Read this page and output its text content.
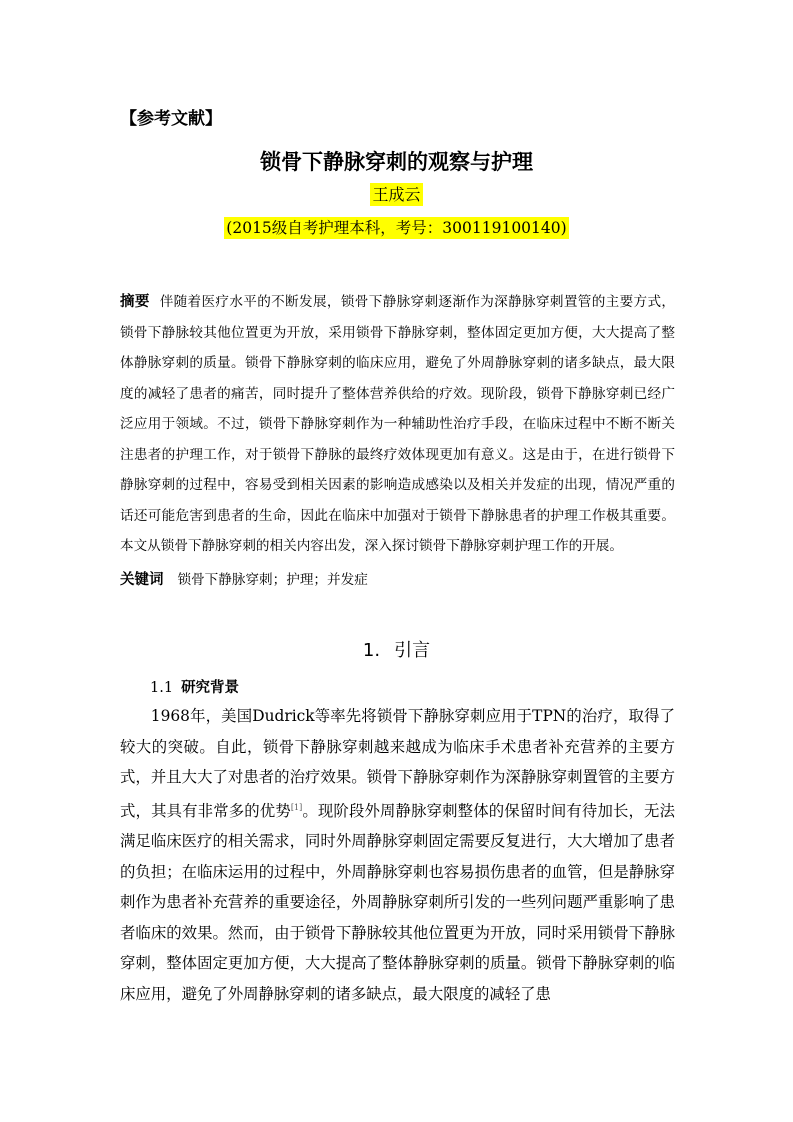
【参考文献】
锁骨下静脉穿刺的观察与护理
王成云
(2015级自考护理本科，考号：300119100140)
摘要 伴随着医疗水平的不断发展，锁骨下静脉穿刺逐渐作为深静脉穿刺置管的主要方式，锁骨下静脉较其他位置更为开放，采用锁骨下静脉穿刺，整体固定更加方便，大大提高了整体静脉穿刺的质量。锁骨下静脉穿刺的临床应用，避免了外周静脉穿刺的诸多缺点，最大限度的减轻了患者的痛苦，同时提升了整体营养供给的疗效。现阶段，锁骨下静脉穿刺已经广泛应用于领域。不过，锁骨下静脉穿刺作为一种辅助性治疗手段，在临床过程中不断不断关注患者的护理工作，对于锁骨下静脉的最终疗效体现更加有意义。这是由于，在进行锁骨下静脉穿刺的过程中，容易受到相关因素的影响造成感染以及相关并发症的出现，情况严重的话还可能危害到患者的生命，因此在临床中加强对于锁骨下静脉患者的护理工作极其重要。本文从锁骨下静脉穿刺的相关内容出发，深入探讨锁骨下静脉穿刺护理工作的开展。
关键词 锁骨下静脉穿刺；护理；并发症
1. 引言
1.1 研究背景
1968年，美国Dudrick等率先将锁骨下静脉穿刺应用于TPN的治疗，取得了较大的突破。自此，锁骨下静脉穿刺越来越成为临床手术患者补充营养的主要方式，并且大大了对患者的治疗效果。锁骨下静脉穿刺作为深静脉穿刺置管的主要方式，其具有非常多的优势[1]。现阶段外周静脉穿刺整体的保留时间有待加长，无法满足临床医疗的相关需求，同时外周静脉穿刺固定需要反复进行，大大增加了患者的负担；在临床运用的过程中，外周静脉穿刺也容易损伤患者的血管，但是静脉穿刺作为患者补充营养的重要途径，外周静脉穿刺所引发的一些列问题严重影响了患者临床的效果。然而，由于锁骨下静脉较其他位置更为开放，同时采用锁骨下静脉穿刺，整体固定更加方便，大大提高了整体静脉穿刺的质量。锁骨下静脉穿刺的临床应用，避免了外周静脉穿刺的诸多缺点，最大限度的减轻了患
